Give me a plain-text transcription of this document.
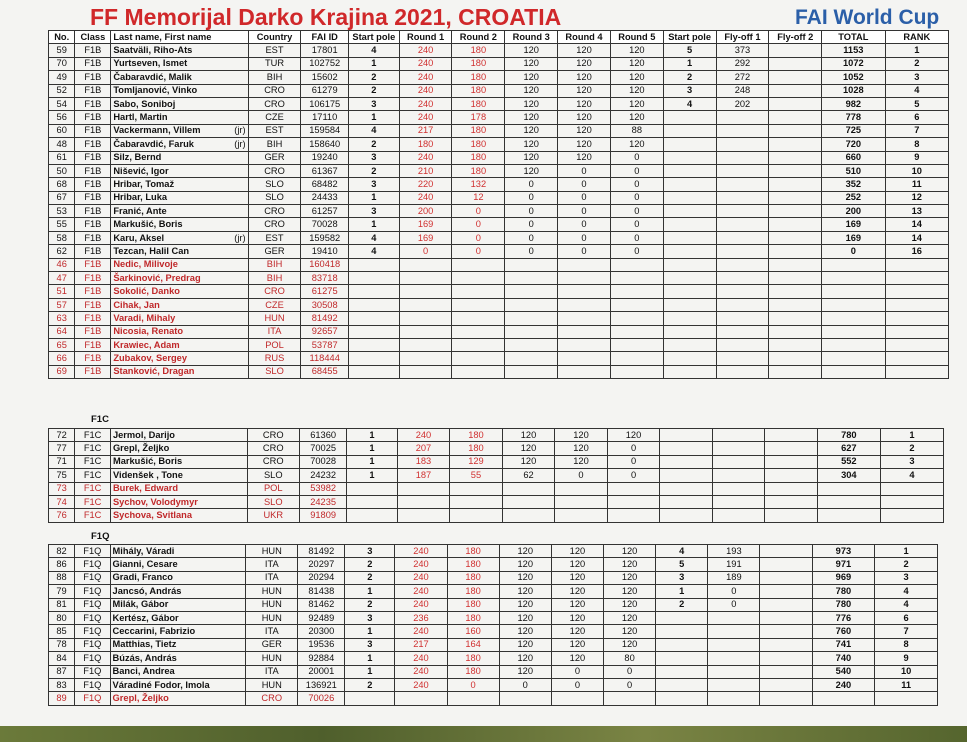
FF Memorijal Darko Krajina 2021, CROATIA	FAI World Cup
No.	Class	Last name, First name	Country	FAI ID	Start pole	Round 1	Round 2	Round 3	Round 4	Round 5	Start pole	Fly-off 1	Fly-off 2	TOTAL	RANK
59	F1B	Saatväli, Riho-Ats	EST	17801	4	240	180	120	120	120	5	373		1153	1
70	F1B	Yurtseven, Ismet	TUR	102752	1	240	180	120	120	120	1	292		1072	2
49	F1B	Čabaravdić, Malik	BIH	15602	2	240	180	120	120	120	2	272		1052	3
52	F1B	Tomljanović, Vinko	CRO	61279	2	240	180	120	120	120	3	248		1028	4
54	F1B	Sabo, Soniboj	CRO	106175	3	240	180	120	120	120	4	202		982	5
56	F1B	Hartl, Martin	CZE	17110	1	240	178	120	120	120				778	6
60	F1B	Vackermann, Villem (jr)	EST	159584	4	217	180	120	120	88				725	7
48	F1B	Čabaravdić, Faruk (jr)	BIH	158640	2	180	180	120	120	120				720	8
61	F1B	Silz, Bernd	GER	19240	3	240	180	120	120	0				660	9
50	F1B	Nišević, Igor	CRO	61367	2	210	180	120	0	0				510	10
68	F1B	Hribar, Tomaž	SLO	68482	3	220	132	0	0	0				352	11
67	F1B	Hribar, Luka	SLO	24433	1	240	12	0	0	0				252	12
53	F1B	Franić, Ante	CRO	61257	3	200	0	0	0	0				200	13
55	F1B	Markušić, Boris	CRO	70028	1	169	0	0	0	0				169	14
58	F1B	Karu, Aksel (jr)	EST	159582	4	169	0	0	0	0				169	14
62	F1B	Tezcan, Halil Can	GER	19410	4	0	0	0	0	0				0	16
46	F1B	Nedic, Milivoje	BIH	160418											
47	F1B	Šarkinović, Predrag	BIH	83718											
51	F1B	Sokolić, Danko	CRO	61275											
57	F1B	Cihak, Jan	CZE	30508											
63	F1B	Varadi, Mihaly	HUN	81492											
64	F1B	Nicosia, Renato	ITA	92657											
65	F1B	Krawiec, Adam	POL	53787											
66	F1B	Zubakov, Sergey	RUS	118444											
69	F1B	Stanković, Dragan	SLO	68455											
F1C
72	F1C	Jermol, Darijo	CRO	61360	1	240	180	120	120	120				780	1
77	F1C	Grepl, Željko	CRO	70025	1	207	180	120	120	0				627	2
71	F1C	Markušić, Boris	CRO	70028	1	183	129	120	120	0				552	3
75	F1C	Videnšek , Tone	SLO	24232	1	187	55	62	0	0				304	4
73	F1C	Burek, Edward	POL	53982											
74	F1C	Sychov, Volodymyr	SLO	24235											
76	F1C	Sychova, Svitlana	UKR	91809											
F1Q
82	F1Q	Mihály, Váradi	HUN	81492	3	240	180	120	120	120	4	193		973	1
86	F1Q	Gianni, Cesare	ITA	20297	2	240	180	120	120	120	5	191		971	2
88	F1Q	Gradi, Franco	ITA	20294	2	240	180	120	120	120	3	189		969	3
79	F1Q	Jancsó, András	HUN	81438	1	240	180	120	120	120	1	0		780	4
81	F1Q	Milák, Gábor	HUN	81462	2	240	180	120	120	120	2	0		780	4
80	F1Q	Kertész, Gábor	HUN	92489	3	236	180	120	120	120				776	6
85	F1Q	Ceccarini, Fabrizio	ITA	20300	1	240	160	120	120	120				760	7
78	F1Q	Matthias, Tietz	GER	19536	3	217	164	120	120	120				741	8
84	F1Q	Búzás, András	HUN	92884	1	240	180	120	120	80				740	9
87	F1Q	Banci, Andrea	ITA	20001	1	240	180	120	0	0				540	10
83	F1Q	Váradiné Fodor, Imola	HUN	136921	2	240	0	0	0	0				240	11
89	F1Q	Grepl, Željko	CRO	70026											
